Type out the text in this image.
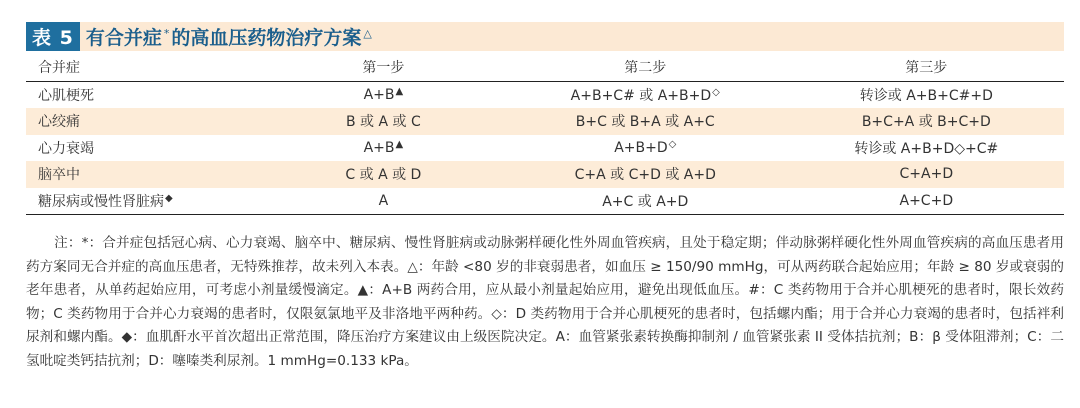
表 5 有合并症* 的高血压药物治疗方案△
合并症	第一步	第二步	第三步
心肌梗死	A+B▲	A+B+C# 或 A+B+D◇	转诊或 A+B+C#+D
心绞痛	B 或 A 或 C	B+C 或 B+A 或 A+C	B+C+A 或 B+C+D
心力衰竭	A+B▲	A+B+D◇	转诊或 A+B+D◇+C#
脑卒中	C 或 A 或 D	C+A 或 C+D 或 A+D	C+A+D
糖尿病或慢性肾脏病◆	A	A+C 或 A+D	A+C+D

注：*：合并症包括冠心病、心力衰竭、脑卒中、糖尿病、慢性肾脏病或动脉粥样硬化性外周血管疾病，且处于稳定期；伴动脉粥样硬化性外周血管疾病的高血压患者用药方案同无合并症的高血压患者，无特殊推荐，故未列入本表。△：年龄 <80 岁的非衰弱患者，如血压 ≥ 150/90 mmHg，可从两药联合起始应用；年龄 ≥ 80 岁或衰弱的老年患者，从单药起始应用，可考虑小剂量缓慢滴定。▲：A+B 两药合用，应从最小剂量起始应用，避免出现低血压。#：C 类药物用于合并心肌梗死的患者时，限长效药物；C 类药物用于合并心力衰竭的患者时，仅限氨氯地平及非洛地平两种药。◇：D 类药物用于合并心肌梗死的患者时，包括螺内酯；用于合并心力衰竭的患者时，包括袢利尿剂和螺内酯。◆：血肌酐水平首次超出正常范围，降压治疗方案建议由上级医院决定。A：血管紧张素转换酶抑制剂 / 血管紧张素 II 受体拮抗剂；B：β 受体阻滞剂；C：二氢吡啶类钙拮抗剂；D：噻嗪类利尿剂。1 mmHg=0.133 kPa。
